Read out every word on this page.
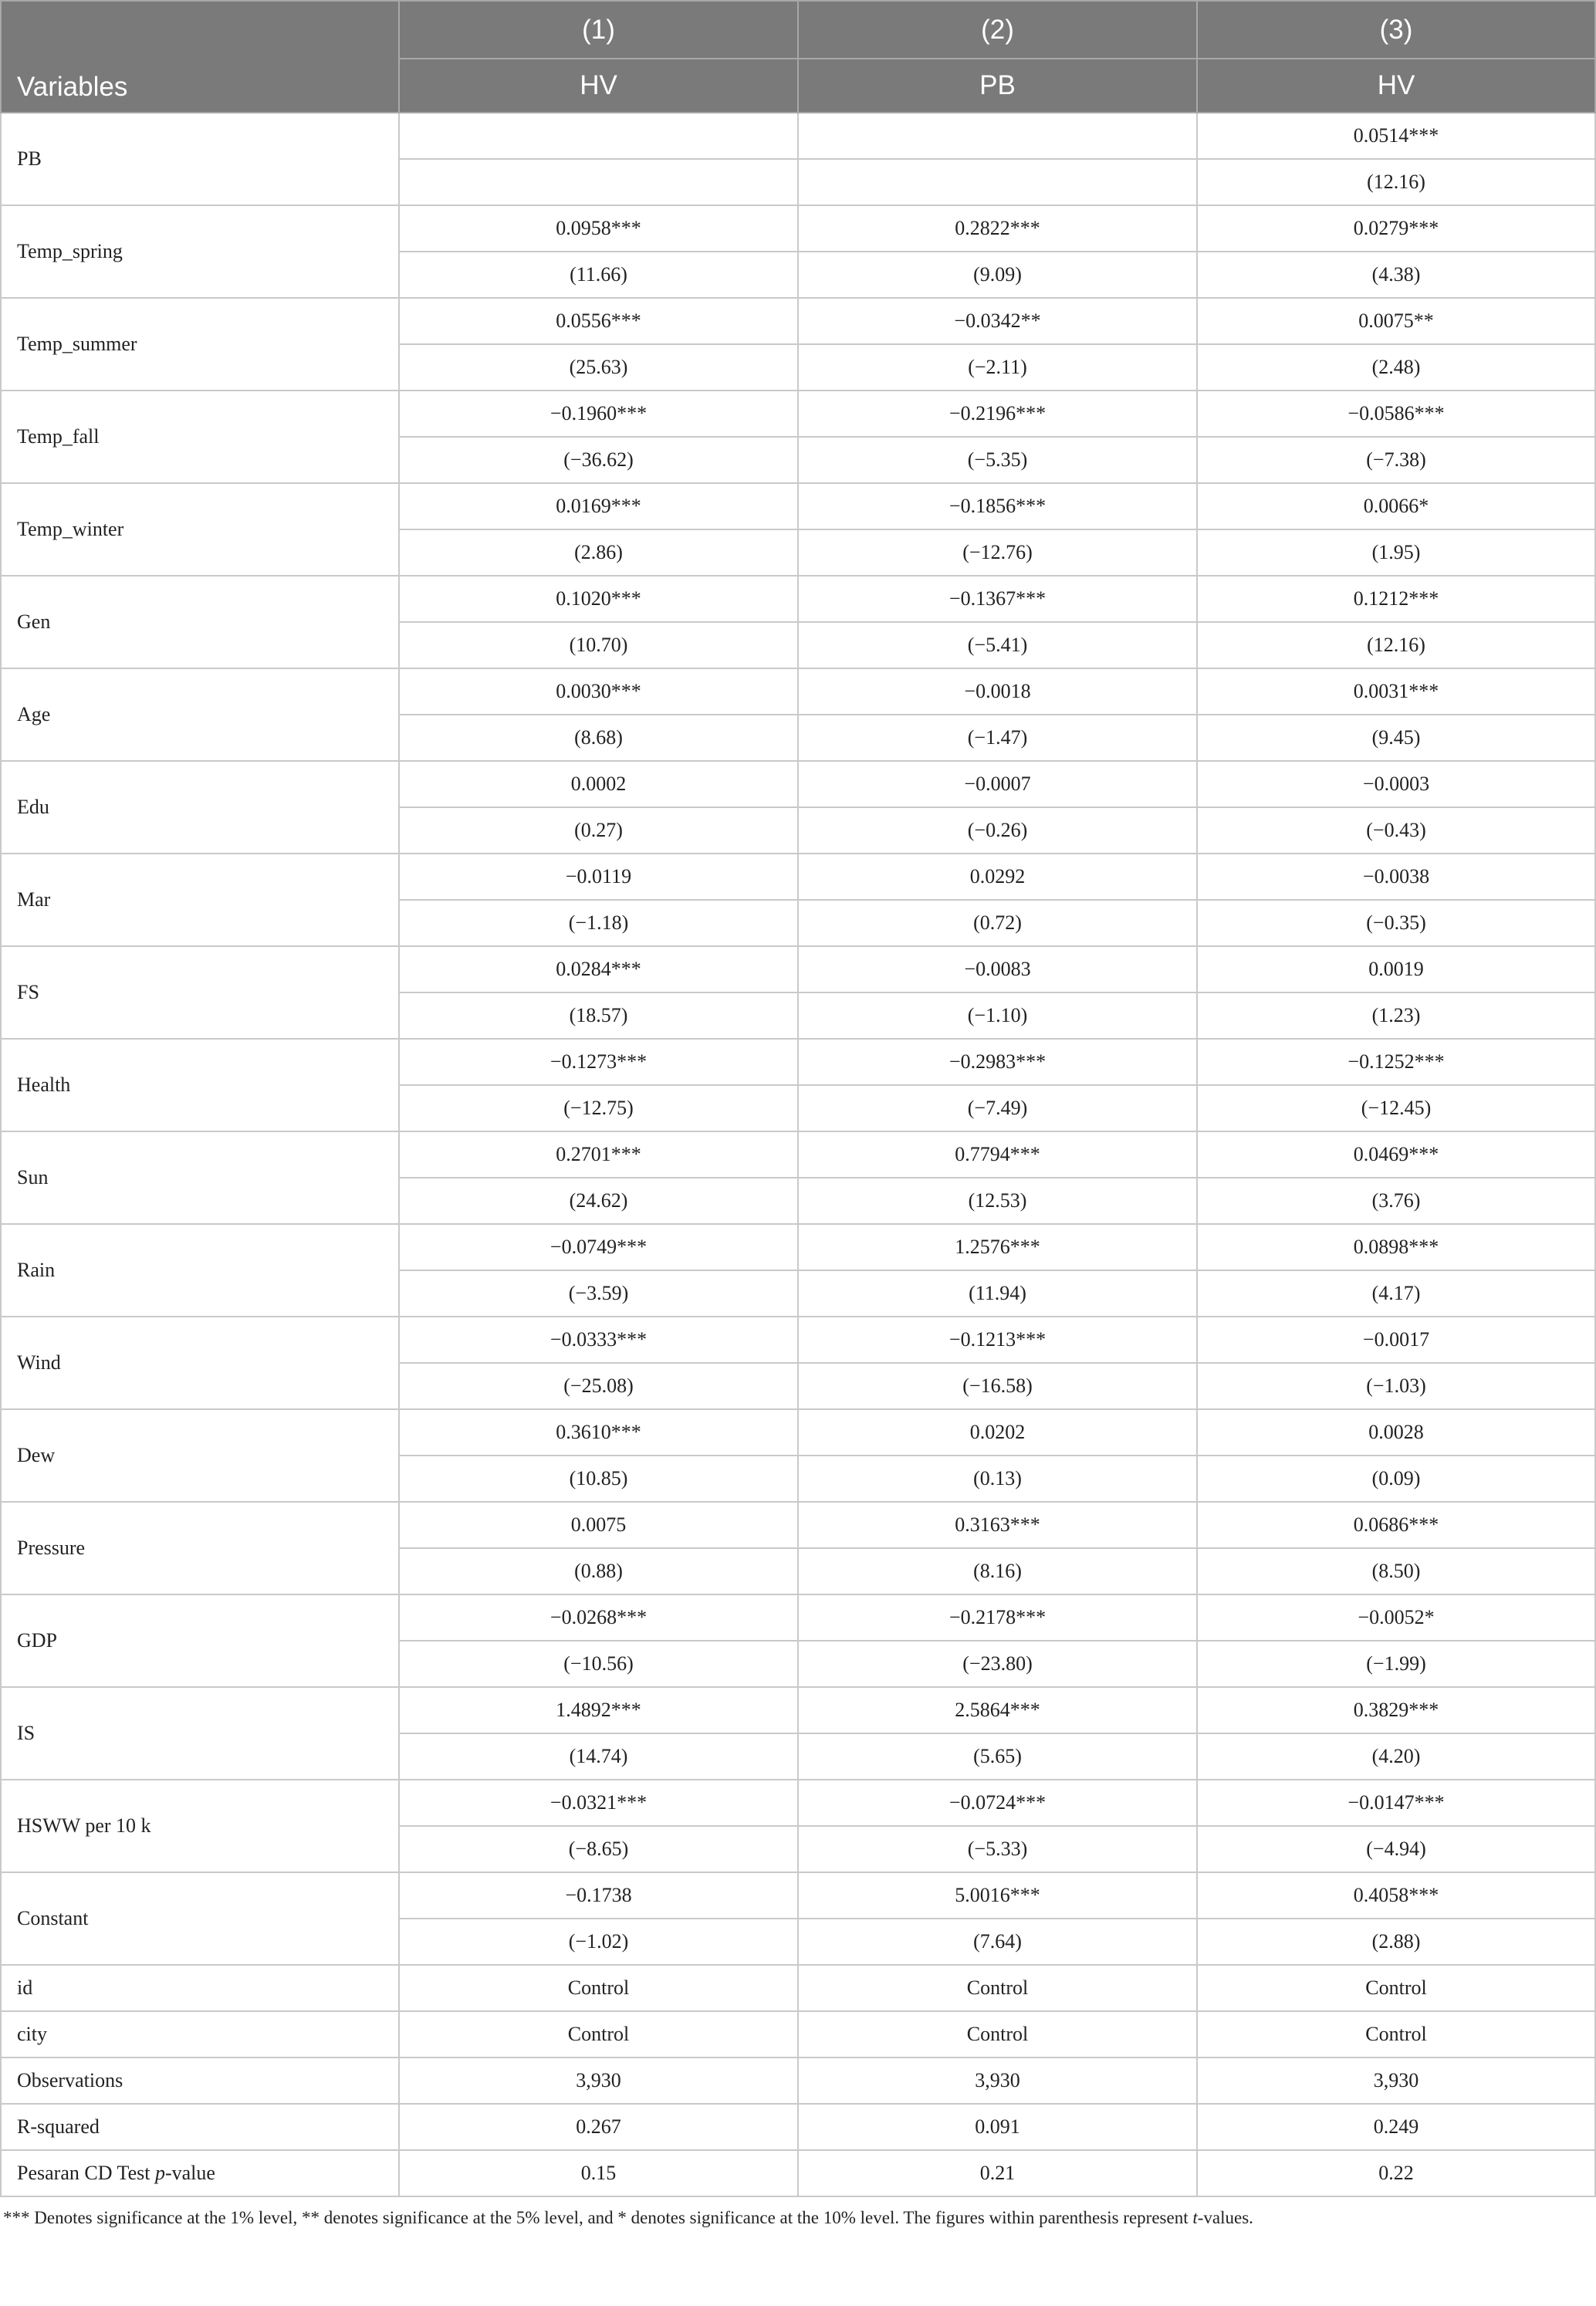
Variables	(1)	(2)	(3)
	HV	PB	HV
PB			0.0514***
			(12.16)
Temp_spring	0.0958***	0.2822***	0.0279***
	(11.66)	(9.09)	(4.38)
Temp_summer	0.0556***	−0.0342**	0.0075**
	(25.63)	(−2.11)	(2.48)
Temp_fall	−0.1960***	−0.2196***	−0.0586***
	(−36.62)	(−5.35)	(−7.38)
Temp_winter	0.0169***	−0.1856***	0.0066*
	(2.86)	(−12.76)	(1.95)
Gen	0.1020***	−0.1367***	0.1212***
	(10.70)	(−5.41)	(12.16)
Age	0.0030***	−0.0018	0.0031***
	(8.68)	(−1.47)	(9.45)
Edu	0.0002	−0.0007	−0.0003
	(0.27)	(−0.26)	(−0.43)
Mar	−0.0119	0.0292	−0.0038
	(−1.18)	(0.72)	(−0.35)
FS	0.0284***	−0.0083	0.0019
	(18.57)	(−1.10)	(1.23)
Health	−0.1273***	−0.2983***	−0.1252***
	(−12.75)	(−7.49)	(−12.45)
Sun	0.2701***	0.7794***	0.0469***
	(24.62)	(12.53)	(3.76)
Rain	−0.0749***	1.2576***	0.0898***
	(−3.59)	(11.94)	(4.17)
Wind	−0.0333***	−0.1213***	−0.0017
	(−25.08)	(−16.58)	(−1.03)
Dew	0.3610***	0.0202	0.0028
	(10.85)	(0.13)	(0.09)
Pressure	0.0075	0.3163***	0.0686***
	(0.88)	(8.16)	(8.50)
GDP	−0.0268***	−0.2178***	−0.0052*
	(−10.56)	(−23.80)	(−1.99)
IS	1.4892***	2.5864***	0.3829***
	(14.74)	(5.65)	(4.20)
HSWW per 10 k	−0.0321***	−0.0724***	−0.0147***
	(−8.65)	(−5.33)	(−4.94)
Constant	−0.1738	5.0016***	0.4058***
	(−1.02)	(7.64)	(2.88)
id	Control	Control	Control
city	Control	Control	Control
Observations	3,930	3,930	3,930
R-squared	0.267	0.091	0.249
Pesaran CD Test p-value	0.15	0.21	0.22
*** Denotes significance at the 1% level, ** denotes significance at the 5% level, and * denotes significance at the 10% level. The figures within parenthesis represent t-values.
